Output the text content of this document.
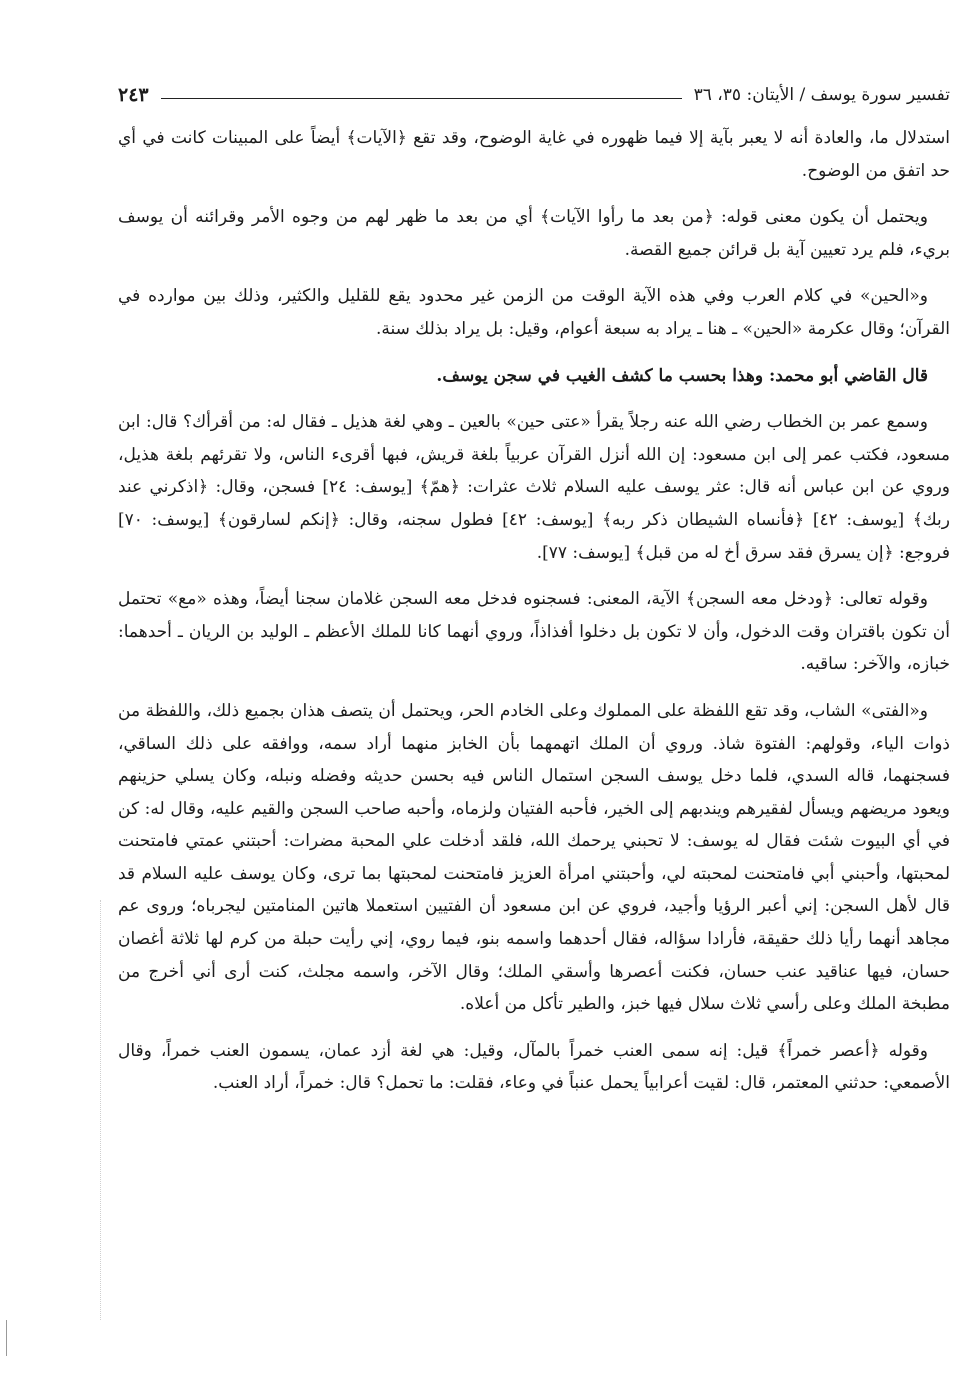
تفسير سورة يوسف / الأيتان: ٣٥، ٣٦
٢٤٣

استدلال ما، والعادة أنه لا يعبر بآية إلا فيما ظهوره في غاية الوضوح، وقد تقع ﴿الآيات﴾ أيضاً على المبينات كانت في أي حد اتفق من الوضوح.

ويحتمل أن يكون معنى قوله: ﴿من بعد ما رأوا الآيات﴾ أي من بعد ما ظهر لهم من وجوه الأمر وقرائنه أن يوسف بريء، فلم يرد تعيين آية بل قرائن جميع القصة.

و«الحين» في كلام العرب وفي هذه الآية الوقت من الزمن غير محدود يقع للقليل والكثير، وذلك بين موارده في القرآن؛ وقال عكرمة «الحين» ـ هنا ـ يراد به سبعة أعوام، وقيل: بل يراد بذلك سنة.

قال القاضي أبو محمد: وهذا بحسب ما كشف الغيب في سجن يوسف.

وسمع عمر بن الخطاب رضي الله عنه رجلاً يقرأ «عتى حين» بالعين ـ وهي لغة هذيل ـ فقال له: من أقرأك؟ قال: ابن مسعود، فكتب عمر إلى ابن مسعود: إن الله أنزل القرآن عربياً بلغة قريش، فبها أقرىء الناس، ولا تقرئهم بلغة هذيل، وروي عن ابن عباس أنه قال: عثر يوسف عليه السلام ثلاث عثرات: ﴿همّ﴾ [يوسف: ٢٤] فسجن، وقال: ﴿اذكرني عند ربك﴾ [يوسف: ٤٢] ﴿فأنساه الشيطان ذكر ربه﴾ [يوسف: ٤٢] فطول سجنه، وقال: ﴿إنكم لسارقون﴾ [يوسف: ٧٠] فروجع: ﴿إن يسرق فقد سرق أخ له من قبل﴾ [يوسف: ٧٧].

وقوله تعالى: ﴿ودخل معه السجن﴾ الآية، المعنى: فسجنوه فدخل معه السجن غلامان سجنا أيضاً، وهذه «مع» تحتمل أن تكون باقتران وقت الدخول، وأن لا تكون بل دخلوا أفذاذاً، وروي أنهما كانا للملك الأعظم ـ الوليد بن الريان ـ أحدهما: خبازه، والآخر: ساقيه.

و«الفتى» الشاب، وقد تقع اللفظة على المملوك وعلى الخادم الحر، ويحتمل أن يتصف هذان بجميع ذلك، واللفظة من ذوات الياء، وقولهم: الفتوة شاذ. وروي أن الملك اتهمهما بأن الخابز منهما أراد سمه، ووافقه على ذلك الساقي، فسجنهما، قاله السدي، فلما دخل يوسف السجن استمال الناس فيه بحسن حديثه وفضله ونبله، وكان يسلي حزينهم ويعود مريضهم ويسأل لفقيرهم ويندبهم إلى الخير، فأحبه الفتيان ولزماه، وأحبه صاحب السجن والقيم عليه، وقال له: كن في أي البيوت شئت فقال له يوسف: لا تحبني يرحمك الله، فلقد أدخلت علي المحبة مضرات: أحبتني عمتي فامتحنت لمحبتها، وأحبني أبي فامتحنت لمحبته لي، وأحبتني امرأة العزيز فامتحنت لمحبتها بما ترى، وكان يوسف عليه السلام قد قال لأهل السجن: إني أعبر الرؤيا وأجيد، فروي عن ابن مسعود أن الفتيين استعملا هاتين المنامتين ليجرباه؛ وروى عم مجاهد أنهما رأيا ذلك حقيقة، فأرادا سؤاله، فقال أحدهما واسمه بنو، فيما روي، إني رأيت حبلة من كرم لها ثلاثة أغصان حسان، فيها عناقيد عنب حسان، فكنت أعصرها وأسقي الملك؛ وقال الآخر، واسمه مجلث، كنت أرى أني أخرج من مطبخة الملك وعلى رأسي ثلاث سلال فيها خبز، والطير تأكل من أعلاه.

وقوله ﴿أعصر خمراً﴾ قيل: إنه سمى العنب خمراً بالمآل، وقيل: هي لغة أزد عمان، يسمون العنب خمراً، وقال الأصمعي: حدثني المعتمر، قال: لقيت أعرابياً يحمل عنباً في وعاء، فقلت: ما تحمل؟ قال: خمراً، أراد العنب.
